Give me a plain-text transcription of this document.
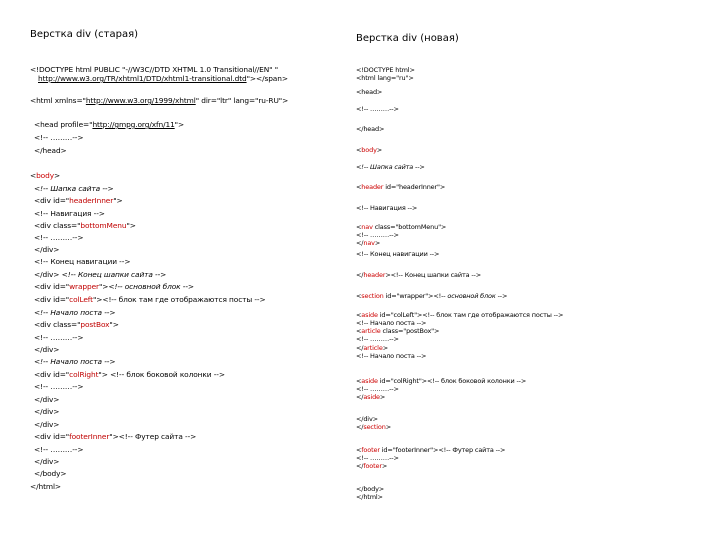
Верстка div (старая)
<!DOCTYPE html PUBLIC "-//W3C//DTD XHTML 1.0 Transitional//EN" "
http://www.w3.org/TR/xhtml1/DTD/xhtml1-transitional.dtd"></span>
<html xmlns="http://www.w3.org/1999/xhtml" dir="ltr" lang="ru-RU">
<head profile="http://gmpg.org/xfn/11">
<!-- ………-->
</head>
<body>
<!-- Шапка сайта -->
<div id="headerInner">
<!-- Навигация -->
<div class="bottomMenu">
<!-- ………-->
</div>
<!-- Конец навигации -->
</div> <!-- Конец шапки сайта -->
<div id="wrapper"><!-- основной блок -->
<div id="colLeft"><!-- блок там где отображаются посты -->
<!-- Начало поста -->
<div class="postBox">
<!-- ………-->
</div>
<!-- Начало поста -->
<div id="colRight"> <!-- блок боковой колонки -->
<!-- ………-->
</div>
</div>
</div>
<div id="footerInner"><!-- Футер сайта -->
<!-- ………-->
</div>
</body>
</html>
Верстка div (новая)
<!DOCTYPE html>
<html lang="ru">
<head>
<!-- ………-->
</head>
<body>
<!-- Шапка сайта -->
<header id="headerInner">
<!-- Навигация -->
<nav class="bottomMenu">
<!-- ………-->
</nav>
<!-- Конец навигации -->
</header><!-- Конец шапки сайта -->
<section id="wrapper"><!-- основной блок -->
<aside id="colLeft"><!-- блок там где отображаются посты -->
<!-- Начало поста -->
<article class="postBox">
<!-- ………-->
</article>
<!-- Начало поста -->
<aside id="colRight"><!-- блок боковой колонки -->
<!-- ………-->
</aside>
</div>
</section>
<footer id="footerInner"><!-- Футер сайта -->
<!-- ………-->
</footer>
</body>
</html>
